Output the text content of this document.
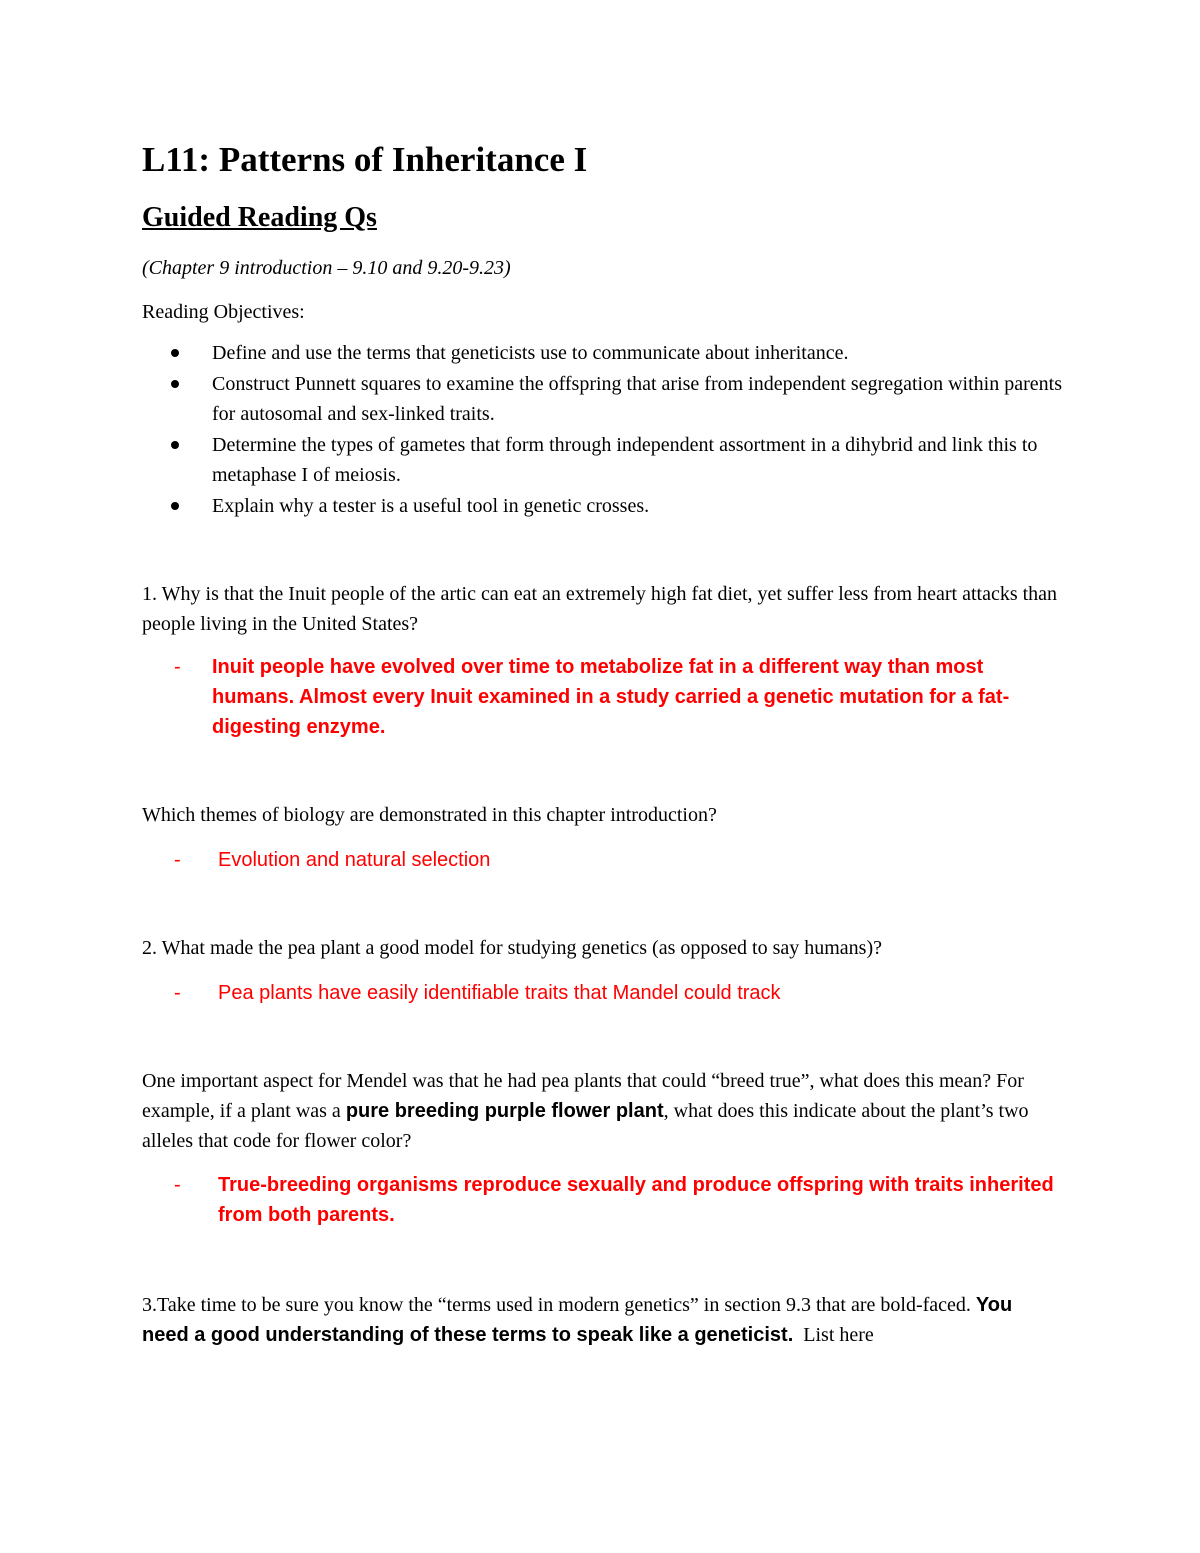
L11: Patterns of Inheritance I
Guided Reading Qs

(Chapter 9 introduction – 9.10 and 9.20-9.23)

Reading Objectives:

Define and use the terms that geneticists use to communicate about inheritance.
Construct Punnett squares to examine the offspring that arise from independent segregation within parents for autosomal and sex-linked traits.
Determine the types of gametes that form through independent assortment in a dihybrid and link this to metaphase I of meiosis.
Explain why a tester is a useful tool in genetic crosses.

1. Why is that the Inuit people of the artic can eat an extremely high fat diet, yet suffer less from heart attacks than people living in the United States?

- Inuit people have evolved over time to metabolize fat in a different way than most humans. Almost every Inuit examined in a study carried a genetic mutation for a fat-digesting enzyme.

Which themes of biology are demonstrated in this chapter introduction?

-	Evolution and natural selection

2. What made the pea plant a good model for studying genetics (as opposed to say humans)?

-	Pea plants have easily identifiable traits that Mandel could track

One important aspect for Mendel was that he had pea plants that could “breed true”, what does this mean? For example, if a plant was a pure breeding purple flower plant, what does this indicate about the plant’s two alleles that code for flower color?

-	True-breeding organisms reproduce sexually and produce offspring with traits inherited from both parents.

3.Take time to be sure you know the “terms used in modern genetics” in section 9.3 that are bold-faced. You need a good understanding of these terms to speak like a geneticist.  List here
